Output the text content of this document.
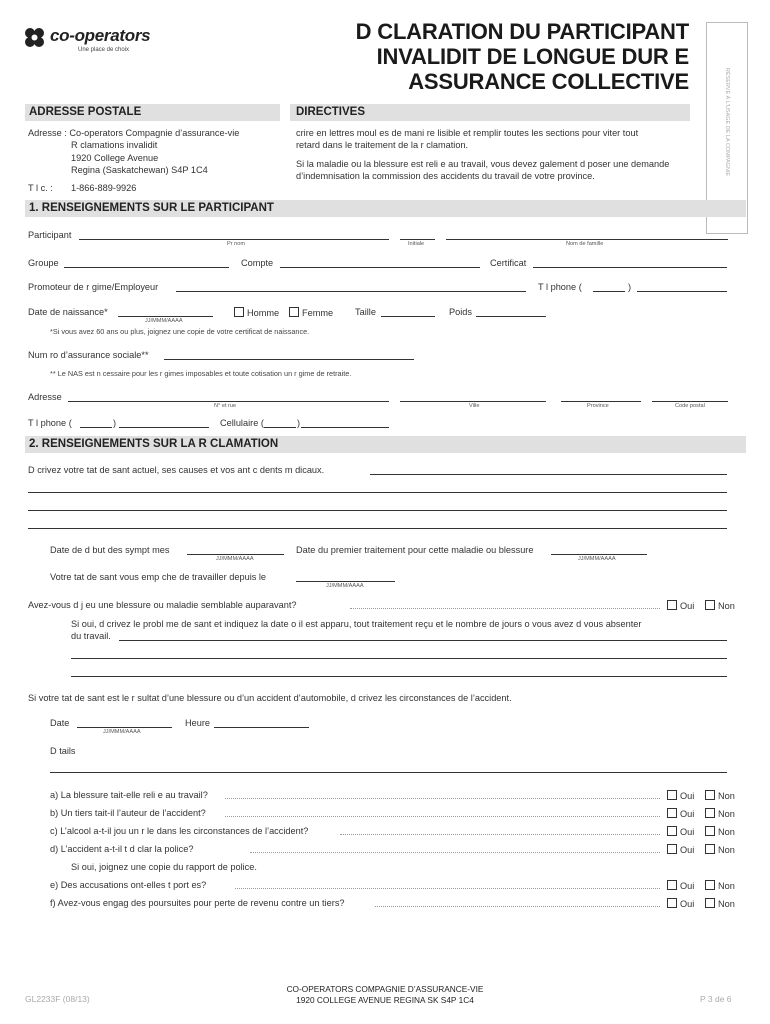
co-operators
Une place de choix
D CLARATION DU PARTICIPANT
INVALIDIT DE LONGUE DUR E
ASSURANCE COLLECTIVE	RÉSERVÉ À L'USAGE DE LA COMPAGNIE
ADRESSE POSTALE	DIRECTIVES
Adresse : Co-operators Compagnie d’assurance-vie
R clamations invalidit
1920 College Avenue
Regina (Saskatchewan) S4P 1C4
T l c. : 1-866-889-9926
crire en lettres moul es de mani re lisible et remplir toutes les sections pour viter tout
retard dans le traitement de la r clamation.
Si la maladie ou la blessure est reli e au travail, vous devez galement d poser une demande
d’indemnisation la commission des accidents du travail de votre province.
1. RENSEIGNEMENTS SUR LE PARTICIPANT
Participant
Pr nom	Initiale	Nom de famille
Groupe	Compte	Certificat
Promoteur de r gime/Employeur	T l phone (	)
Date de naissance*
JJ/MMM/AAAA
Homme	Femme Taille	Poids
*Si vous avez 60 ans ou plus, joignez une copie de votre certificat de naissance.
Num ro d’assurance sociale**
** Le NAS est n cessaire pour les r gimes imposables et toute cotisation un r gime de retraite.
Adresse
N° et rue	Ville	Province	Code postal
T l phone (	)	Cellulaire (	)
2. RENSEIGNEMENTS SUR LA R CLAMATION
D crivez votre tat de sant actuel, ses causes et vos ant c dents m dicaux.
Date de d but des sympt mes
JJ/MMM/AAAA
Date du premier traitement pour cette maladie ou blessure
JJ/MMM/AAAA
Votre tat de sant vous emp che de travailler depuis le
JJ/MMM/AAAA
Avez-vous d j eu une blessure ou maladie semblable auparavant?	Oui	Non
Si oui, d crivez le probl me de sant et indiquez la date o il est apparu, tout traitement reçu et le nombre de jours o vous avez d vous absenter
du travail.
Si votre tat de sant est le r sultat d’une blessure ou d’un accident d’automobile, d crivez les circonstances de l’accident.
Date
JJ/MMM/AAAA
Heure
D tails
a) La blessure tait-elle reli e au travail?	Oui	Non
b) Un tiers tait-il l’auteur de l’accident?	Oui	Non
c) L’alcool a-t-il jou un r le dans les circonstances de l’accident?	Oui	Non
d) L’accident a-t-il t d clar la police?	Oui	Non
Si oui, joignez une copie du rapport de police.
e) Des accusations ont-elles t port es?	Oui	Non
f) Avez-vous engag des poursuites pour perte de revenu contre un tiers?	Oui	Non
GL2233F (08/13)
CO-OPERATORS COMPAGNIE D’ASSURANCE-VIE
1920 COLLEGE AVENUE REGINA SK S4P 1C4	P 3 de 6
